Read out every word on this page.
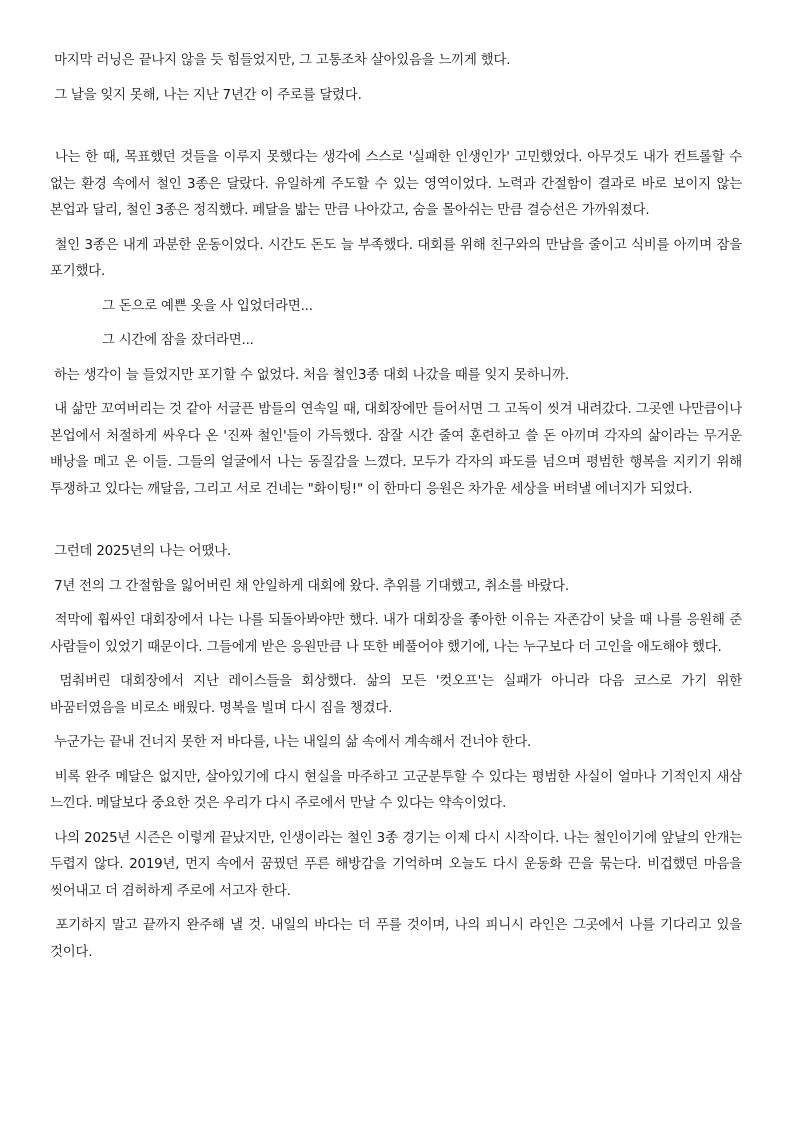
마지막 러닝은 끝나지 않을 듯 힘들었지만, 그 고통조차 살아있음을 느끼게 했다.

그 날을 잊지 못해, 나는 지난 7년간 이 주로를 달렸다.

나는 한 때, 목표했던 것들을 이루지 못했다는 생각에 스스로 '실패한 인생인가' 고민했었다. 아무것도 내가 컨트롤할 수 없는 환경 속에서 철인 3종은 달랐다. 유일하게 주도할 수 있는 영역이었다. 노력과 간절함이 결과로 바로 보이지 않는 본업과 달리, 철인 3종은 정직했다. 페달을 밟는 만큼 나아갔고, 숨을 몰아쉬는 만큼 결승선은 가까워졌다.

철인 3종은 내게 과분한 운동이었다. 시간도 돈도 늘 부족했다. 대회를 위해 친구와의 만남을 줄이고 식비를 아끼며 잠을 포기했다.

그 돈으로 예쁜 옷을 사 입었더라면...

그 시간에 잠을 잤더라면...

하는 생각이 늘 들었지만 포기할 수 없었다. 처음 철인3종 대회 나갔을 때를 잊지 못하니까.

내 삶만 꼬여버리는 것 같아 서글픈 밤들의 연속일 때, 대회장에만 들어서면 그 고독이 씻겨 내려갔다. 그곳엔 나만큼이나 본업에서 처절하게 싸우다 온 '진짜 철인'들이 가득했다. 잠잘 시간 줄여 훈련하고 쓸 돈 아끼며 각자의 삶이라는 무거운 배낭을 메고 온 이들. 그들의 얼굴에서 나는 동질감을 느꼈다. 모두가 각자의 파도를 넘으며 평범한 행복을 지키기 위해 투쟁하고 있다는 깨달음, 그리고 서로 건네는 "화이팅!" 이 한마디 응원은 차가운 세상을 버텨낼 에너지가 되었다.

그런데 2025년의 나는 어땠나.

7년 전의 그 간절함을 잃어버린 채 안일하게 대회에 왔다. 추위를 기대했고, 취소를 바랐다.

적막에 휩싸인 대회장에서 나는 나를 되돌아봐야만 했다. 내가 대회장을 좋아한 이유는 자존감이 낮을 때 나를 응원해 준 사람들이 있었기 때문이다. 그들에게 받은 응원만큼 나 또한 베풀어야 했기에, 나는 누구보다 더 고인을 애도해야 했다.

멈춰버린 대회장에서 지난 레이스들을 회상했다. 삶의 모든 '컷오프'는 실패가 아니라 다음 코스로 가기 위한 바꿈터였음을 비로소 배웠다. 명복을 빌며 다시 짐을 챙겼다.

누군가는 끝내 건너지 못한 저 바다를, 나는 내일의 삶 속에서 계속해서 건너야 한다.

비록 완주 메달은 없지만, 살아있기에 다시 현실을 마주하고 고군분투할 수 있다는 평범한 사실이 얼마나 기적인지 새삼 느낀다. 메달보다 중요한 것은 우리가 다시 주로에서 만날 수 있다는 약속이었다.

나의 2025년 시즌은 이렇게 끝났지만, 인생이라는 철인 3종 경기는 이제 다시 시작이다. 나는 철인이기에 앞날의 안개는 두렵지 않다. 2019년, 먼지 속에서 꿈꿨던 푸른 해방감을 기억하며 오늘도 다시 운동화 끈을 묶는다. 비겁했던 마음을 씻어내고 더 겸허하게 주로에 서고자 한다.

포기하지 말고 끝까지 완주해 낼 것. 내일의 바다는 더 푸를 것이며, 나의 피니시 라인은 그곳에서 나를 기다리고 있을 것이다.
